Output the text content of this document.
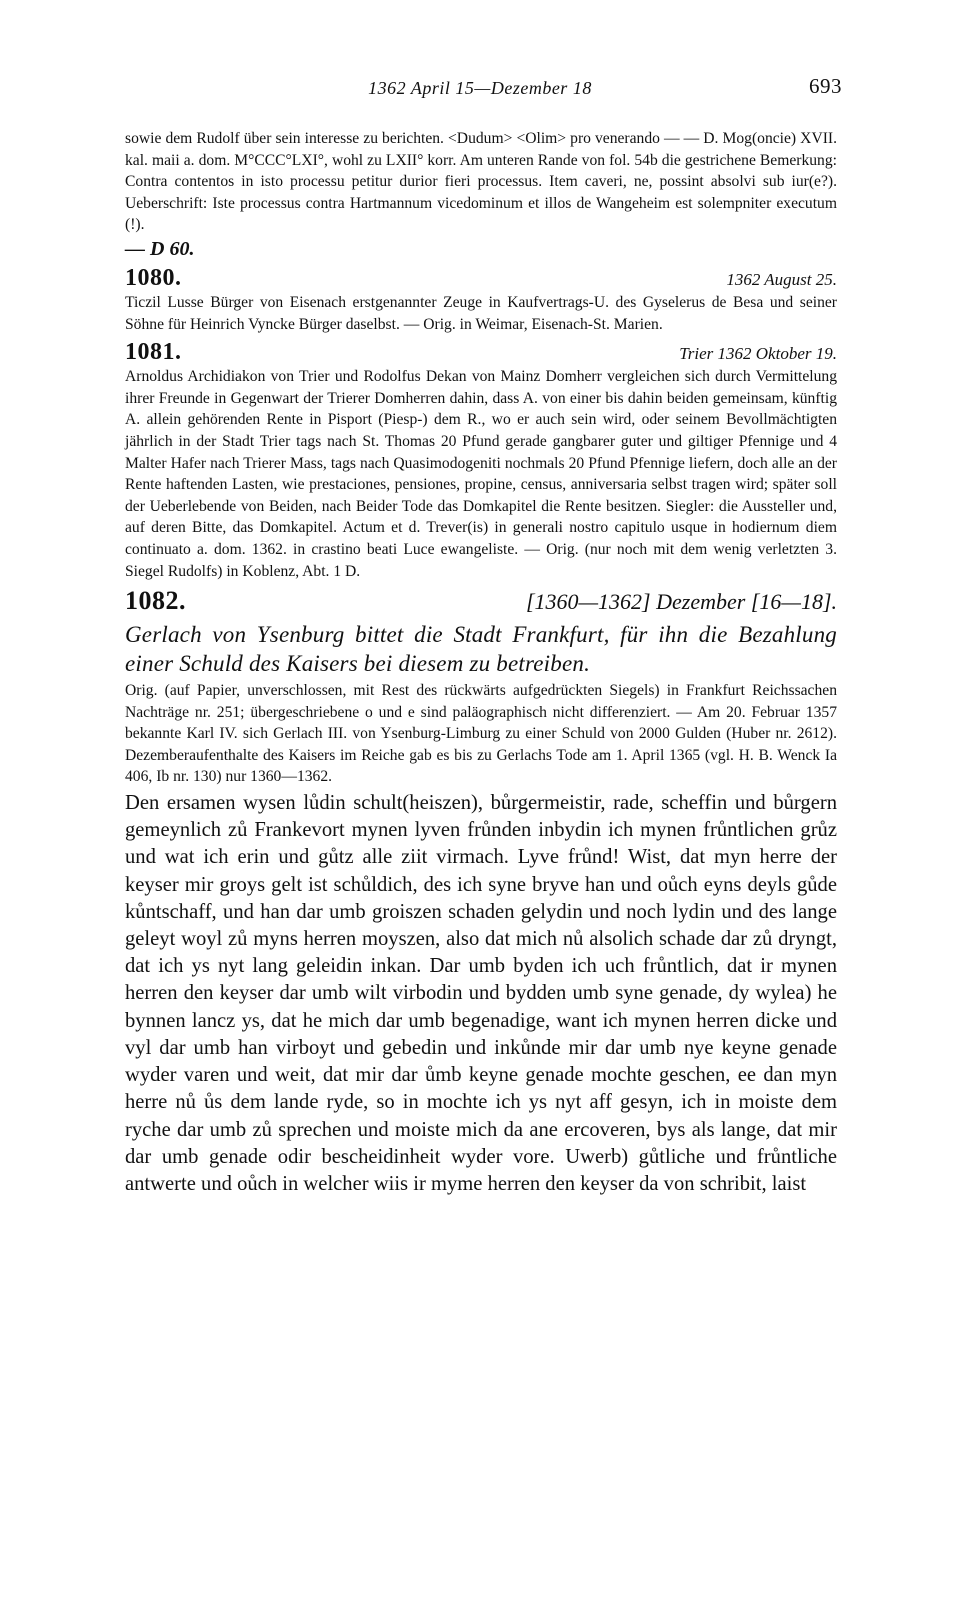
1362 April 15—Dezember 18	693

sowie dem Rudolf über sein interesse zu berichten. <Dudum> <Olim> pro venerando — — D. Mog(oncie) XVII. kal. maii a. dom. M°CCC°LXI°, wohl zu LXII° korr. Am unteren Rande von fol. 54b die gestrichene Bemerkung: Contra contentos in isto processu petitur durior fieri processus. Item caveri, ne, possint absolvi sub iur(e?). Ueberschrift: Iste processus contra Hartmannum vicedominum et illos de Wangeheim est solempniter executum (!).

— D 60.
1080.	1362 August 25.

Ticzil Lusse Bürger von Eisenach erstgenannter Zeuge in Kaufvertrags-U. des Gyselerus de Besa und seiner Söhne für Heinrich Vyncke Bürger daselbst. — Orig. in Weimar, Eisenach-St. Marien.

1081.	Trier 1362 Oktober 19.

Arnoldus Archidiakon von Trier und Rodolfus Dekan von Mainz Domherr vergleichen sich durch Vermittelung ihrer Freunde in Gegenwart der Trierer Domherren dahin, dass A. von einer bis dahin beiden gemeinsam, künftig A. allein gehörenden Rente in Pisport (Piesp-) dem R., wo er auch sein wird, oder seinem Bevollmächtigten jährlich in der Stadt Trier tags nach St. Thomas 20 Pfund gerade gangbarer guter und giltiger Pfennige und 4 Malter Hafer nach Trierer Mass, tags nach Quasimodogeniti nochmals 20 Pfund Pfennige liefern, doch alle an der Rente haftenden Lasten, wie prestaciones, pensiones, propine, census, anniversaria selbst tragen wird; später soll der Ueberlebende von Beiden, nach Beider Tode das Domkapitel die Rente besitzen. Siegler: die Aussteller und, auf deren Bitte, das Domkapitel. Actum et d. Trever(is) in generali nostro capitulo usque in hodiernum diem continuato a. dom. 1362. in crastino beati Luce ewangeliste. — Orig. (nur noch mit dem wenig verletzten 3. Siegel Rudolfs) in Koblenz, Abt. 1 D.

1082.	[1360—1362] Dezember [16—18].
Gerlach von Ysenburg bittet die Stadt Frankfurt, für ihn die Bezahlung einer Schuld des Kaisers bei diesem zu betreiben.

Orig. (auf Papier, unverschlossen, mit Rest des rückwärts aufgedrückten Siegels) in Frankfurt Reichssachen Nachträge nr. 251; übergeschriebene o und e sind paläographisch nicht differenziert. — Am 20. Februar 1357 bekannte Karl IV. sich Gerlach III. von Ysenburg-Limburg zu einer Schuld von 2000 Gulden (Huber nr. 2612). Dezemberaufenthalte des Kaisers im Reiche gab es bis zu Gerlachs Tode am 1. April 1365 (vgl. H. B. Wenck Ia 406, Ib nr. 130) nur 1360—1362.

Den ersamen wysen lůdin schult(heiszen), bůrgermeistir, rade, scheffin und bůrgern gemeynlich zů Frankevort mynen lyven frůnden inbydin ich mynen frůntlichen grůz und wat ich erin und gůtz alle ziit virmach. Lyve frůnd! Wist, dat myn herre der keyser mir groys gelt ist schůldich, des ich syne bryve han und oůch eyns deyls gůde kůntschaff, und han dar umb groiszen schaden gelydin und noch lydin und des lange geleyt woyl zů myns herren moyszen, also dat mich nů alsolich schade dar zů dryngt, dat ich ys nyt lang geleidin inkan. Dar umb byden ich uch frůntlich, dat ir mynen herren den keyser dar umb wilt virbodin und bydden umb syne genade, dy wylea) he bynnen lancz ys, dat he mich dar umb begenadige, want ich mynen herren dicke und vyl dar umb han virboyt und gebedin und inkůnde mir dar umb nye keyne genade wyder varen und weit, dat mir dar ůmb keyne genade mochte geschen, ee dan myn herre nů ůs dem lande ryde, so in mochte ich ys nyt aff gesyn, ich in moiste dem ryche dar umb zů sprechen und moiste mich da ane ercoveren, bys als lange, dat mir dar umb genade odir bescheidinheit wyder vore. Uwerb) gůtliche und frůntliche antwerte und oůch in welcher wiis ir myme herren den keyser da von schribit, laist
